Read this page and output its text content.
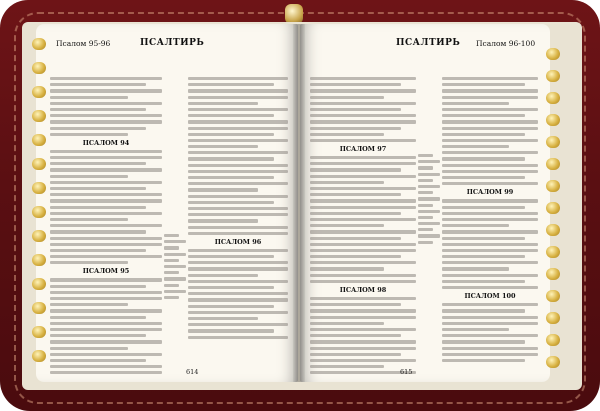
Псалом 95-96	ПСАЛТИРЬ
ПСАЛОМ 94
ПСАЛОМ 95
ПСАЛОМ 96
614
ПСАЛТИРЬ Псалом 96-100
ПСАЛОМ 97
ПСАЛОМ 98
ПСАЛОМ 99
ПСАЛОМ 100
615
